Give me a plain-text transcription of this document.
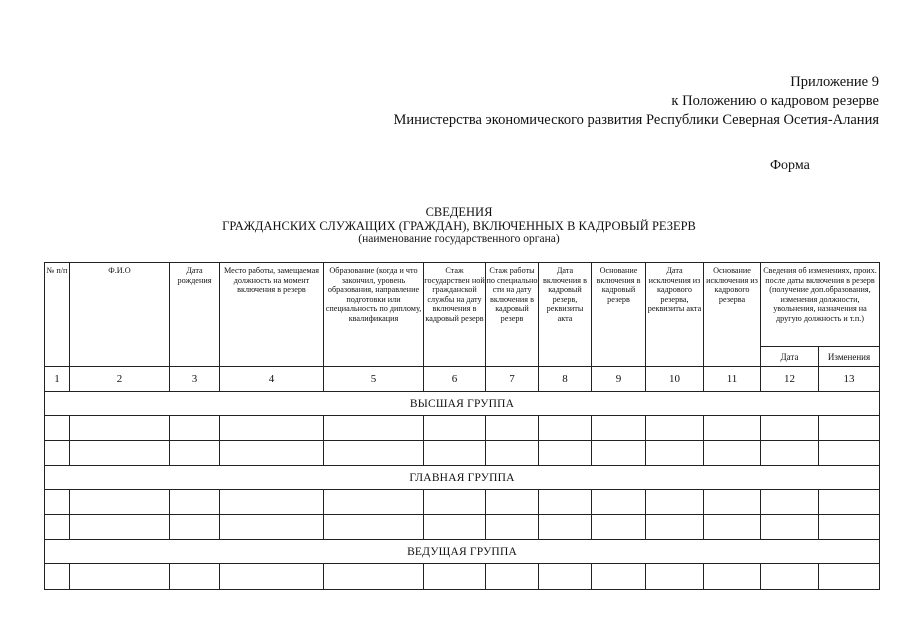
Приложение 9
к Положению о кадровом резерве
Министерства экономического развития Республики Северная Осетия-Алания
Форма
СВЕДЕНИЯ
ГРАЖДАНСКИХ СЛУЖАЩИХ (ГРАЖДАН), ВКЛЮЧЕННЫХ В КАДРОВЫЙ РЕЗЕРВ
(наименование государственного органа)
№ п/п	Ф.И.О	Дата рождения	Место работы, замещаемая должность на момент включения в резерв	Образование (когда и что закончил, уровень образования, направление подготовки или специальность по диплому, квалификация	Стаж государствен ной гражданской службы на дату включения в кадровый резерв	Стаж работы по специально сти на дату включения в кадровый резерв	Дата включения в кадровый резерв, реквизиты акта	Основание включения в кадровый резерв	Дата исключения из кадрового резерва, реквизиты акта	Основание исключения из кадрового резерва	Сведения об изменениях, проиx. после даты включения в резерв (получение доп.образования, изменения должности, увольнения, назначения на другую должность и т.п.)	
											Дата	Изменения
1	2	3	4	5	6	7	8	9	10	11	12	13
ВЫСШАЯ ГРУППА												

ГЛАВНАЯ ГРУППА												

ВЕДУЩАЯ ГРУППА												
